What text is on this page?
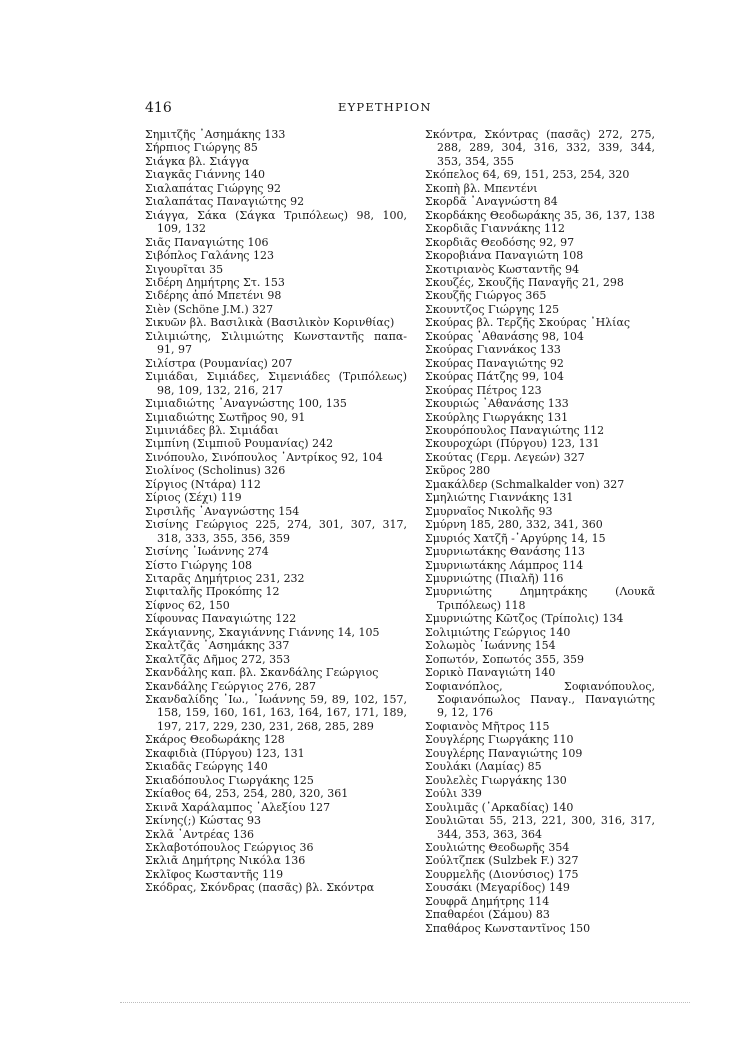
416	ΕΥΡΕΤΗΡΙΟΝ
Σημιτζῆς ᾿Ασημάκης 133
Σήρπιος Γιώργης 85
Σιάγκα βλ. Σιάγγα
Σιαγκᾶς Γιάννης 140
Σιαλαπάτας Γιώργης 92
Σιαλαπάτας Παναγιώτης 92
Σιάγγα, Σάκα (Σάγκα Τριπόλεως) 98, 100, 109, 132
Σιᾶς Παναγιώτης 106
Σιβόπλος Γαλάνης 123
Σιγουρῖται 35
Σιδέρη Δημήτρης Στ. 153
Σιδέρης ἀπό Μπετένι 98
Σιèν (Schöne J.M.) 327
Σικυῶν βλ. Βασιλικὰ (Βασιλικὸν Κορινθίας)
Σιλιμιώτης, Σιλιμιώτης Κωνσταντῆς παπα- 91, 97
Σιλίστρα (Ρουμανίας) 207
Σιμιάδαι, Σιμιάδες, Σιμενιάδες (Τριπόλεως) 98, 109, 132, 216, 217
Σιμιαδιώτης ᾿Αναγνώστης 100, 135
Σιμιαδιώτης Σωτῆρος 90, 91
Σιμινιάδες βλ. Σιμιάδαι
Σιμπίνη (Σιμπιοῦ Ρουμανίας) 242
Σινόπουλο, Σινόπουλος ᾿Αντρίκος 92, 104
Σιολίνος (Scholinus) 326
Σίργιος (Ντάρα) 112
Σίριος (Σέχι) 119
Σιρσιλῆς ᾿Αναγνώστης 154
Σισίνης Γεώργιος 225, 274, 301, 307, 317, 318, 333, 355, 356, 359
Σισίνης ᾿Ιωάννης 274
Σίστο Γιώργης 108
Σιταρᾶς Δημήτριος 231, 232
Σιφιταλῆς Προκόπης 12
Σίφνος 62, 150
Σίφουνας Παναγιώτης 122
Σκάγιαννης, Σκαγιάννης Γιάννης 14, 105
Σκαλτζᾶς ᾿Ασημάκης 337
Σκαλτζᾶς Δῆμος 272, 353
Σκανδάλης καπ. βλ. Σκανδάλης Γεώργιος
Σκανδάλης Γεώργιος 276, 287
Σκανδαλίδης ᾿Ιω., ᾿Ιωάννης 59, 89, 102, 157, 158, 159, 160, 161, 163, 164, 167, 171, 189, 197, 217, 229, 230, 231, 268, 285, 289
Σκάρος Θεοδωράκης 128
Σκαφιδιὰ (Πύργου) 123, 131
Σκιαδᾶς Γεώργης 140
Σκιαδόπουλος Γιωργάκης 125
Σκίαθος 64, 253, 254, 280, 320, 361
Σκινᾶ Χαράλαμπος ᾿Αλεξίου 127
Σκίνης(;) Κώστας 93
Σκλᾶ ᾿Αντρέας 136
Σκλαβοτόπουλος Γεώργιος 36
Σκλιᾶ Δημήτρης Νικόλα 136
Σκλῖφος Κωσταντῆς 119
Σκόδρας, Σκόνδρας (πασᾶς) βλ. Σκόντρα
Σκόντρα, Σκόντρας (πασᾶς) 272, 275, 288, 289, 304, 316, 332, 339, 344, 353, 354, 355
Σκόπελος 64, 69, 151, 253, 254, 320
Σκοπὴ βλ. Μπεντένι
Σκορδᾶ ᾿Αναγνώστη 84
Σκορδάκης Θεοδωράκης 35, 36, 137, 138
Σκορδιᾶς Γιαννάκης 112
Σκορδιᾶς Θεοδόσης 92, 97
Σκοροβιάνα Παναγιώτη 108
Σκοτιριανὸς Κωσταντῆς 94
Σκουζές, Σκουζῆς Παναγῆς 21, 298
Σκουζῆς Γιώργος 365
Σκουντζος Γιώργης 125
Σκούρας βλ. Τερζῆς Σκούρας ᾿Ηλίας
Σκούρας ᾿Αθανάσης 98, 104
Σκούρας Γιαννάκος 133
Σκούρας Παναγιώτης 92
Σκούρας Πάτζης 99, 104
Σκούρας Πέτρος 123
Σκουριώς ᾿Αθανάσης 133
Σκούρλης Γιωργάκης 131
Σκουρόπουλος Παναγιώτης 112
Σκουροχώρι (Πύργου) 123, 131
Σκούτας (Γερμ. Λεγεών) 327
Σκῦρος 280
Σμακάλδερ (Schmalkalder von) 327
Σμηλιώτης Γιαννάκης 131
Σμυρναῖος Νικολῆς 93
Σμύρνη 185, 280, 332, 341, 360
Σμυριός Χατζῆ -᾿Αργύρης 14, 15
Σμυρνιωτάκης Θανάσης 113
Σμυρνιωτάκης Λάμπρος 114
Σμυρνιώτης (Πιαλῆ) 116
Σμυρνιώτης Δημητράκης (Λουκᾶ Τριπόλεως) 118
Σμυρνιώτης Κῶτζος (Τρίπολις) 134
Σολιμιώτης Γεώργιος 140
Σολωμὸς ᾿Ιωάννης 154
Σοπωτόν, Σοπωτός 355, 359
Σορικὸ Παναγιώτη 140
Σοφιανόπλος, Σοφιανόπουλος, Σοφιανόπωλος Παναγ., Παναγιώτης 9, 12, 176
Σοφιανὸς Μῆτρος 115
Σουγλέρης Γιωργάκης 110
Σουγλέρης Παναγιώτης 109
Σουλάκι (Λαμίας) 85
Σουλελὲς Γιωργάκης 130
Σούλι 339
Σουλιμᾶς (᾿Αρκαδίας) 140
Σουλιῶται 55, 213, 221, 300, 316, 317, 344, 353, 363, 364
Σουλιώτης Θεοδωρῆς 354
Σούλτζπεκ (Sulzbek F.) 327
Σουρμελῆς (Διονύσιος) 175
Σουσάκι (Μεγαρίδος) 149
Σουφρᾶ Δημήτρης 114
Σπαθαρέοι (Σάμου) 83
Σπαθάρος Κωνσταντῖνος 150
